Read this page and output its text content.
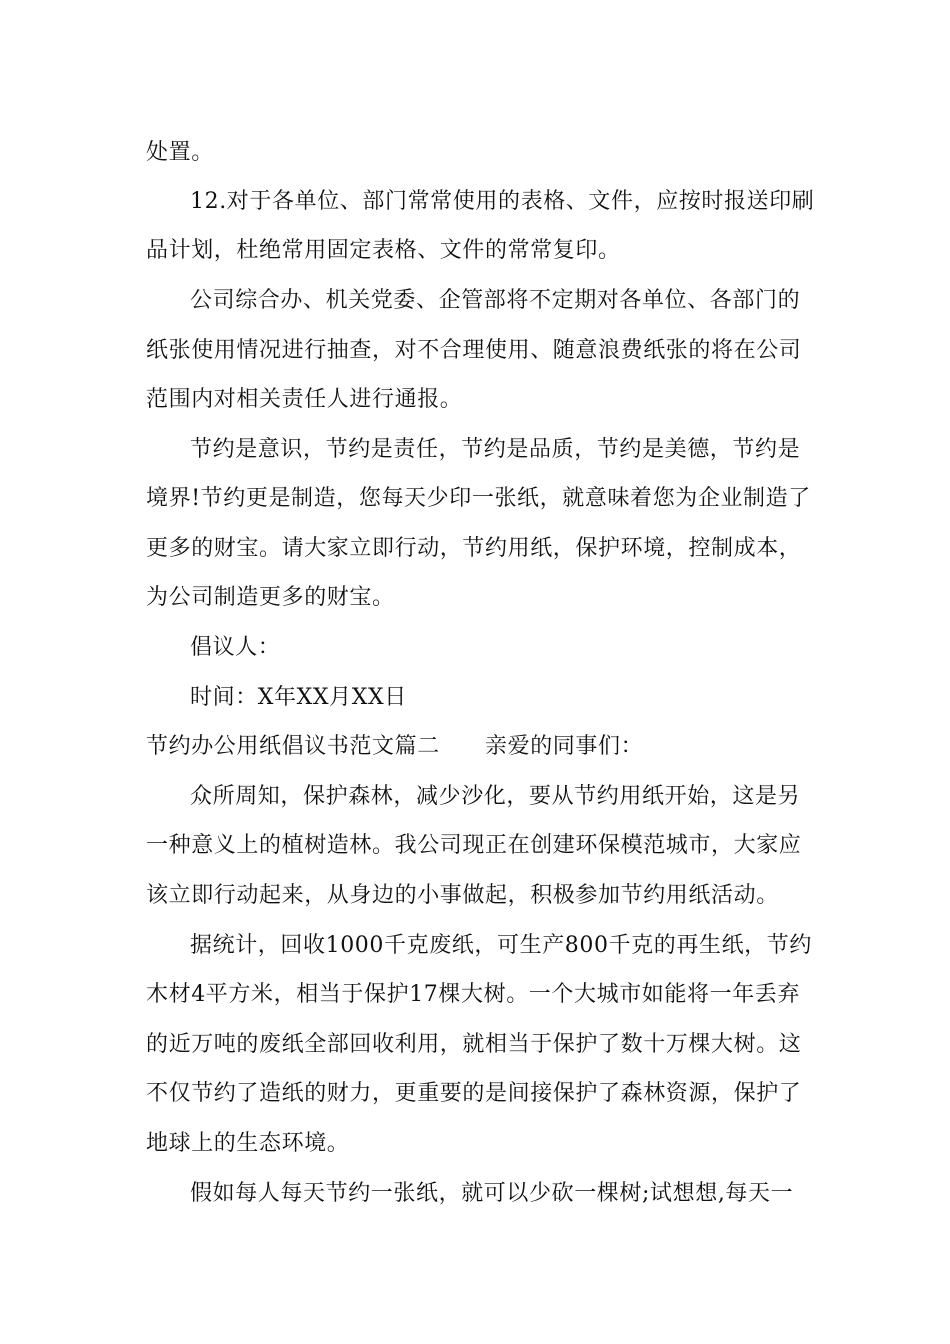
处置。
12.对于各单位、部门常常使用的表格、文件，应按时报送印刷
品计划，杜绝常用固定表格、文件的常常复印。
公司综合办、机关党委、企管部将不定期对各单位、各部门的
纸张使用情况进行抽查，对不合理使用、随意浪费纸张的将在公司
范围内对相关责任人进行通报。
节约是意识，节约是责任，节约是品质，节约是美德，节约是
境界!节约更是制造，您每天少印一张纸，就意味着您为企业制造了
更多的财宝。请大家立即行动，节约用纸，保护环境，控制成本，
为公司制造更多的财宝。
倡议人：
时间：X年XX月XX日
节约办公用纸倡议书范文篇二　　亲爱的同事们：
众所周知，保护森林，减少沙化，要从节约用纸开始，这是另
一种意义上的植树造林。我公司现正在创建环保模范城市，大家应
该立即行动起来，从身边的小事做起，积极参加节约用纸活动。
据统计，回收1000千克废纸，可生产800千克的再生纸，节约
木材4平方米，相当于保护17棵大树。一个大城市如能将一年丢弃
的近万吨的废纸全部回收利用，就相当于保护了数十万棵大树。这
不仅节约了造纸的财力，更重要的是间接保护了森林资源，保护了
地球上的生态环境。
假如每人每天节约一张纸，就可以少砍一棵树;试想想,每天一
